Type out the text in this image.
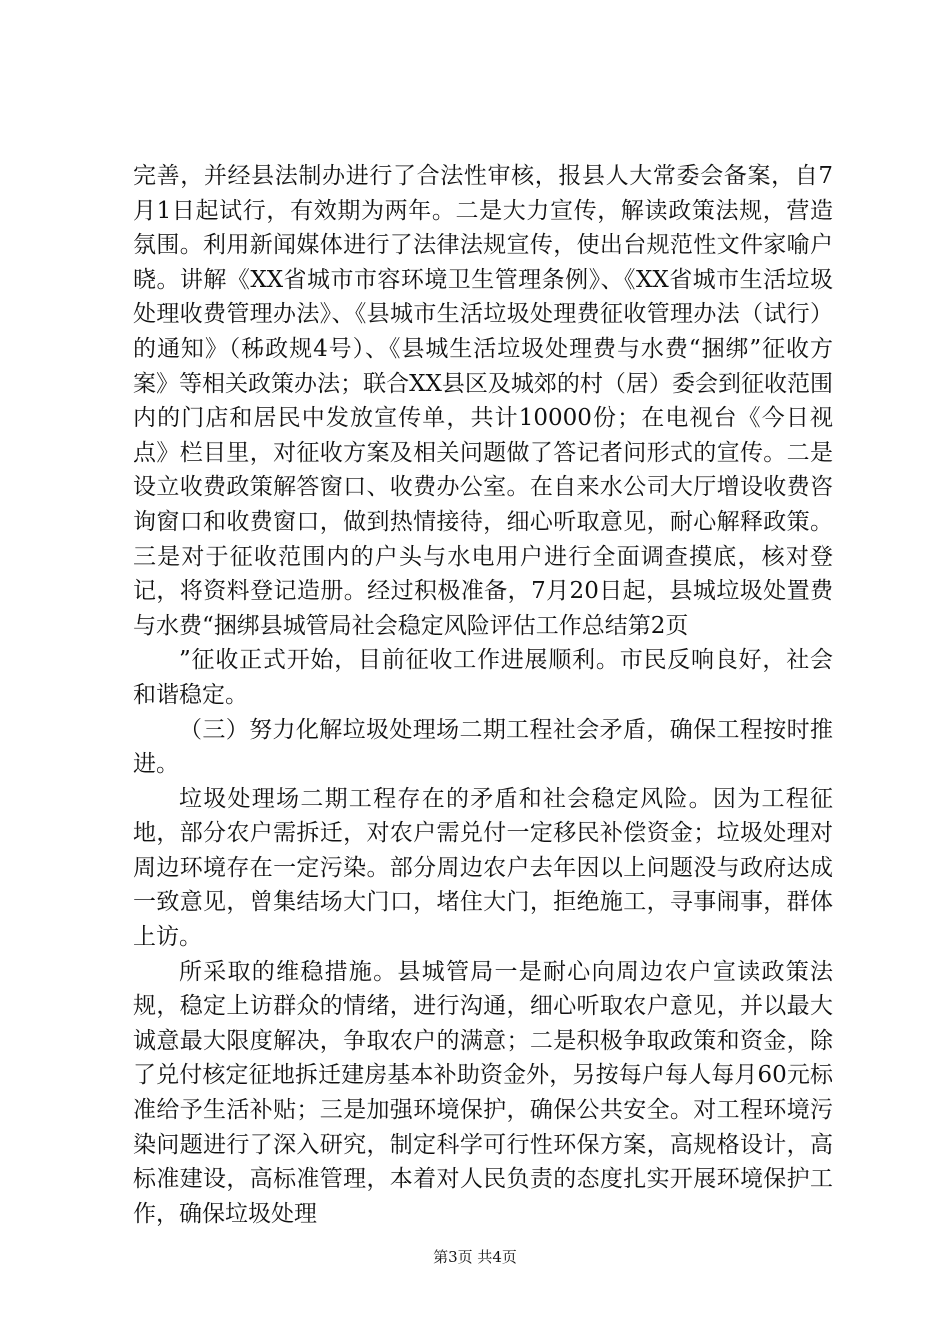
完善，并经县法制办进行了合法性审核，报县人大常委会备案，自7月1日起试行，有效期为两年。二是大力宣传，解读政策法规，营造氛围。利用新闻媒体进行了法律法规宣传，使出台规范性文件家喻户晓。讲解《XX省城市市容环境卫生管理条例》、《XX省城市生活垃圾处理收费管理办法》、《县城市生活垃圾处理费征收管理办法（试行）的通知》（秭政规4号）、《县城生活垃圾处理费与水费“捆绑”征收方案》等相关政策办法；联合XX县区及城郊的村（居）委会到征收范围内的门店和居民中发放宣传单，共计10000份；在电视台《今日视点》栏目里，对征收方案及相关问题做了答记者问形式的宣传。二是设立收费政策解答窗口、收费办公室。在自来水公司大厅增设收费咨询窗口和收费窗口，做到热情接待，细心听取意见，耐心解释政策。三是对于征收范围内的户头与水电用户进行全面调查摸底，核对登记，将资料登记造册。经过积极准备，7月20日起，县城垃圾处置费与水费“捆绑县城管局社会稳定风险评估工作总结第2页

”征收正式开始，目前征收工作进展顺利。市民反响良好，社会和谐稳定。

（三）努力化解垃圾处理场二期工程社会矛盾，确保工程按时推进。

垃圾处理场二期工程存在的矛盾和社会稳定风险。因为工程征地，部分农户需拆迁，对农户需兑付一定移民补偿资金；垃圾处理对周边环境存在一定污染。部分周边农户去年因以上问题没与政府达成一致意见，曾集结场大门口，堵住大门，拒绝施工，寻事闹事，群体上访。

所采取的维稳措施。县城管局一是耐心向周边农户宣读政策法规，稳定上访群众的情绪，进行沟通，细心听取农户意见，并以最大诚意最大限度解决，争取农户的满意；二是积极争取政策和资金，除了兑付核定征地拆迁建房基本补助资金外，另按每户每人每月60元标准给予生活补贴；三是加强环境保护，确保公共安全。对工程环境污染问题进行了深入研究，制定科学可行性环保方案，高规格设计，高标准建设，高标准管理，本着对人民负责的态度扎实开展环境保护工作，确保垃圾处理

第3页 共4页
